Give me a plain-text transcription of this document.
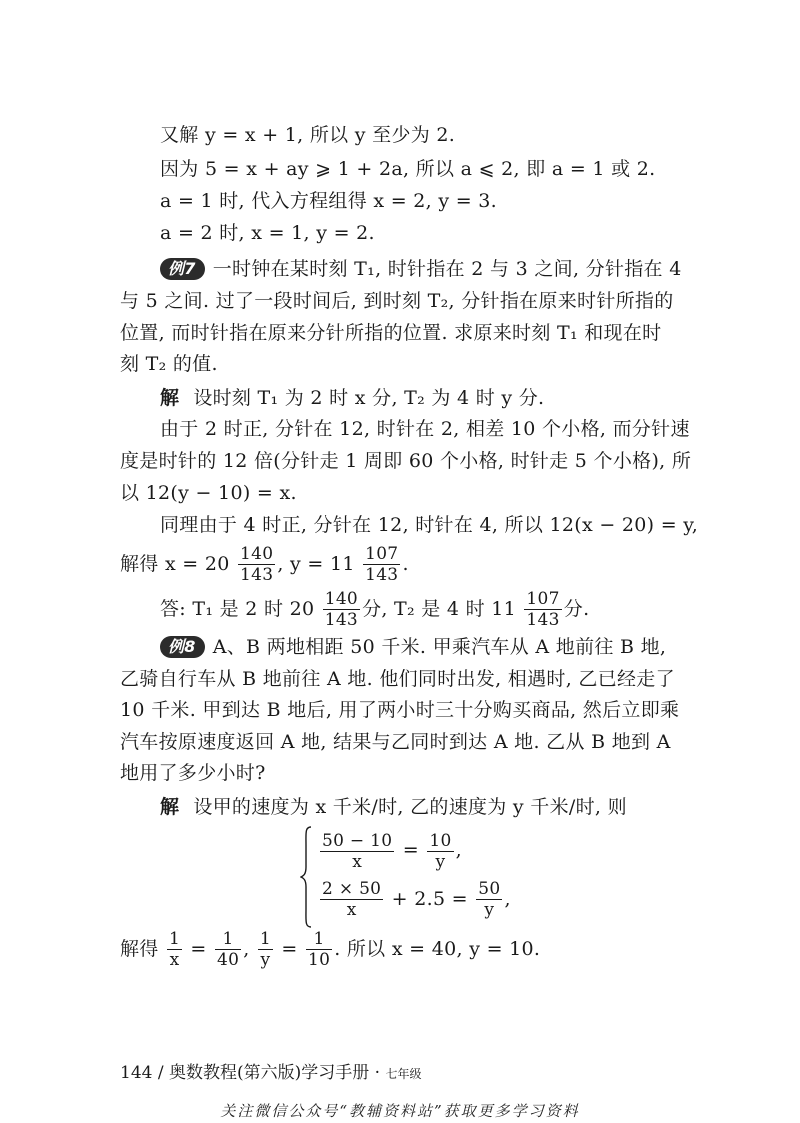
又解 y = x + 1, 所以 y 至少为 2.
因为 5 = x + ay ⩾ 1 + 2a, 所以 a ⩽ 2, 即 a = 1 或 2.
a = 1 时, 代入方程组得 x = 2, y = 3.
a = 2 时, x = 1, y = 2.
例7 一时钟在某时刻 T₁, 时针指在 2 与 3 之间, 分针指在 4
与 5 之间. 过了一段时间后, 到时刻 T₂, 分针指在原来时针所指的
位置, 而时针指在原来分针所指的位置. 求原来时刻 T₁ 和现在时
刻 T₂ 的值.
解 设时刻 T₁ 为 2 时 x 分, T₂ 为 4 时 y 分.
由于 2 时正, 分针在 12, 时针在 2, 相差 10 个小格, 而分针速
度是时针的 12 倍(分针走 1 周即 60 个小格, 时针走 5 个小格), 所
以 12(y − 10) = x.
同理由于 4 时正, 分针在 12, 时针在 4, 所以 12(x − 20) = y,
解得 $x = 20 \frac{140}{143}$ , $y = 11 \frac{107}{143}$ .
答: T₁ 是 2 时 $20 \frac{140}{143}$ 分, T₂ 是 4 时 $11 \frac{107}{143}$ 分.
例8 A、B 两地相距 50 千米. 甲乘汽车从 A 地前往 B 地,
乙骑自行车从 B 地前往 A 地. 他们同时出发, 相遇时, 乙已经走了
10 千米. 甲到达 B 地后, 用了两小时三十分购买商品, 然后立即乘
汽车按原速度返回 A 地, 结果与乙同时到达 A 地. 乙从 B 地到 A
地用了多少小时?
解 设甲的速度为 x 千米/时, 乙的速度为 y 千米/时, 则
$\frac{50 - 10}{x} = \frac{10}{y}$ ,
$\frac{2 \times 50}{x} + 2.5 = \frac{50}{y}$ ,
解得 $\frac{1}{x} = \frac{1}{40}$ , $\frac{1}{y} = \frac{1}{10}$ . 所以 x = 40, y = 10.
144 / 奥数教程(第六版)学习手册 · 七年级
关注微信公众号“教辅资料站”获取更多学习资料
